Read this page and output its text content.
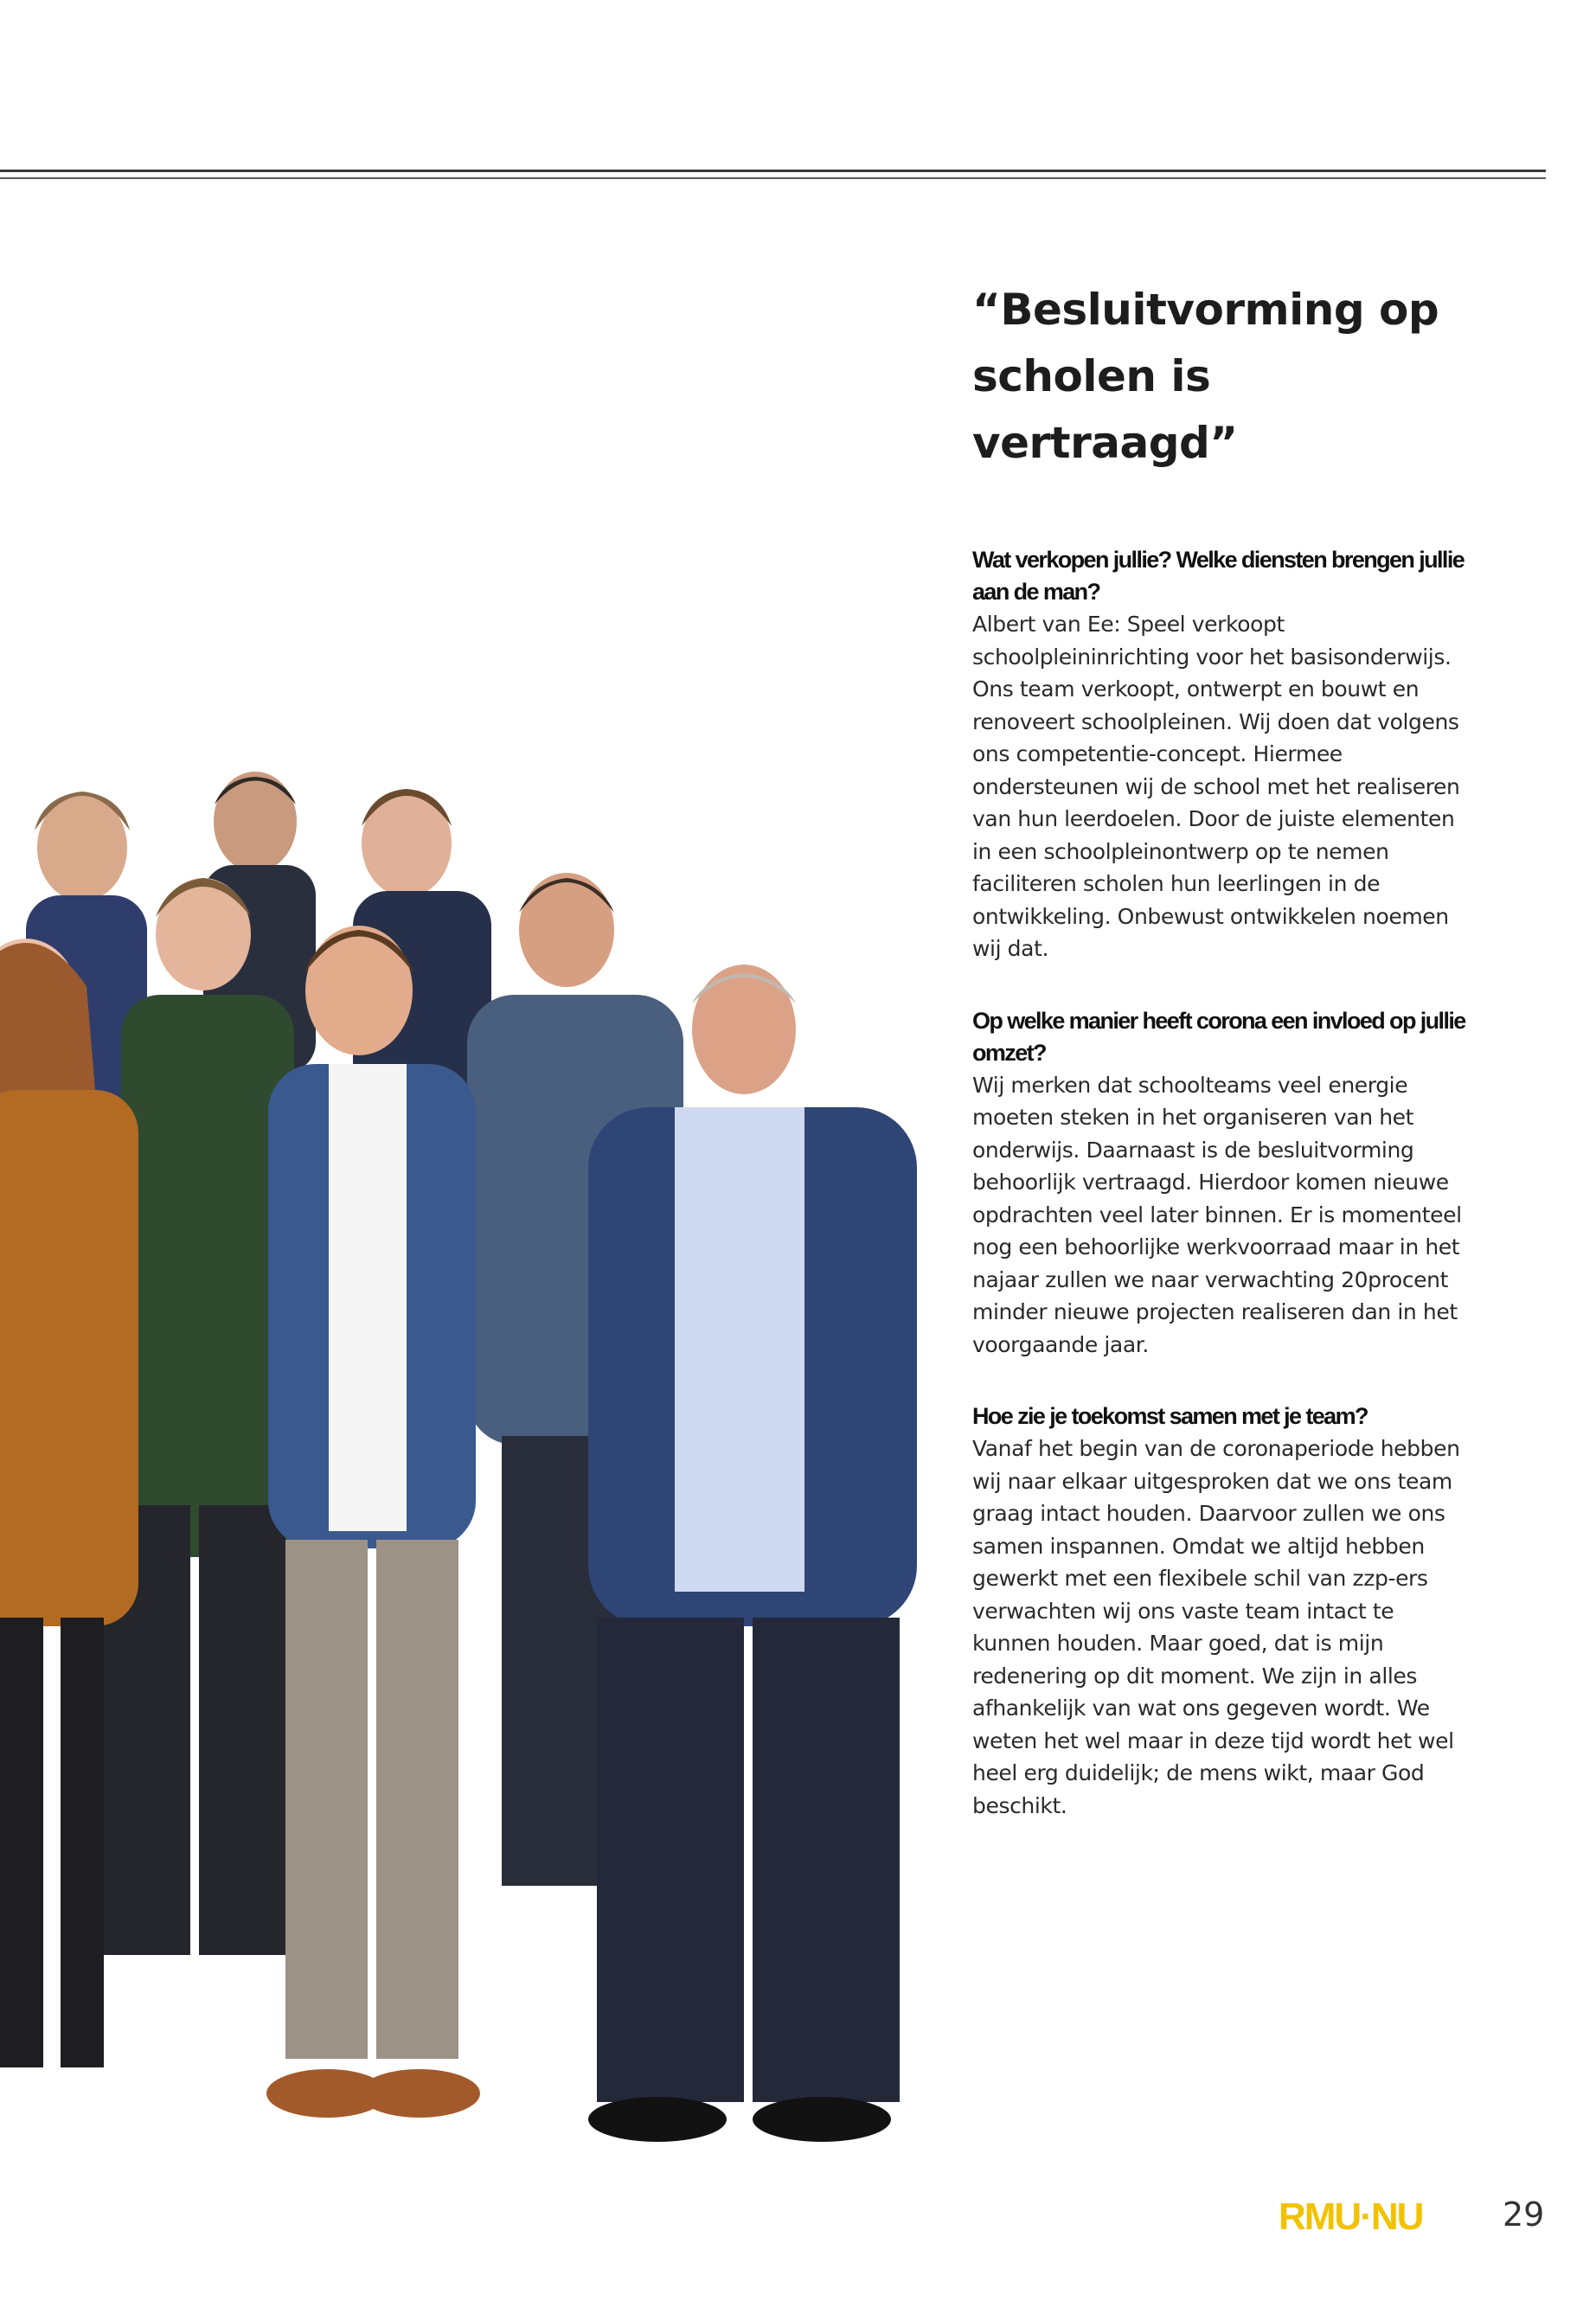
“Besluitvorming op
scholen is vertraagd”

Wat verkopen jullie? Welke diensten brengen jullie aan de man?

Albert van Ee: Speel verkoopt schoolpleininrichting voor het basisonderwijs. Ons team verkoopt, ontwerpt en bouwt en renoveert schoolpleinen. Wij doen dat volgens ons competentie-concept. Hiermee ondersteunen wij de school met het realiseren van hun leerdoelen. Door de juiste elementen in een schoolpleinontwerp op te nemen faciliteren scholen hun leerlingen in de ontwikkeling. Onbewust ontwikkelen noemen wij dat.

Op welke manier heeft corona een invloed op jullie omzet?

Wij merken dat schoolteams veel energie moeten steken in het organiseren van het onderwijs. Daarnaast is de besluitvorming behoorlijk vertraagd. Hierdoor komen nieuwe opdrachten veel later binnen. Er is momenteel nog een behoorlijke werkvoorraad maar in het najaar zullen we naar verwachting 20procent minder nieuwe projecten realiseren dan in het voorgaande jaar.

Hoe zie je toekomst samen met je team?

Vanaf het begin van de coronaperiode hebben wij naar elkaar uitgesproken dat we ons team graag intact houden. Daarvoor zullen we ons samen inspannen. Omdat we altijd hebben gewerkt met een flexibele schil van zzp-ers verwachten wij ons vaste team intact te kunnen houden. Maar goed, dat is mijn redenering op dit moment. We zijn in alles afhankelijk van wat ons gegeven wordt. We weten het wel maar in deze tijd wordt het wel heel erg duidelijk; de mens wikt, maar God beschikt.

RMU·NU 29
